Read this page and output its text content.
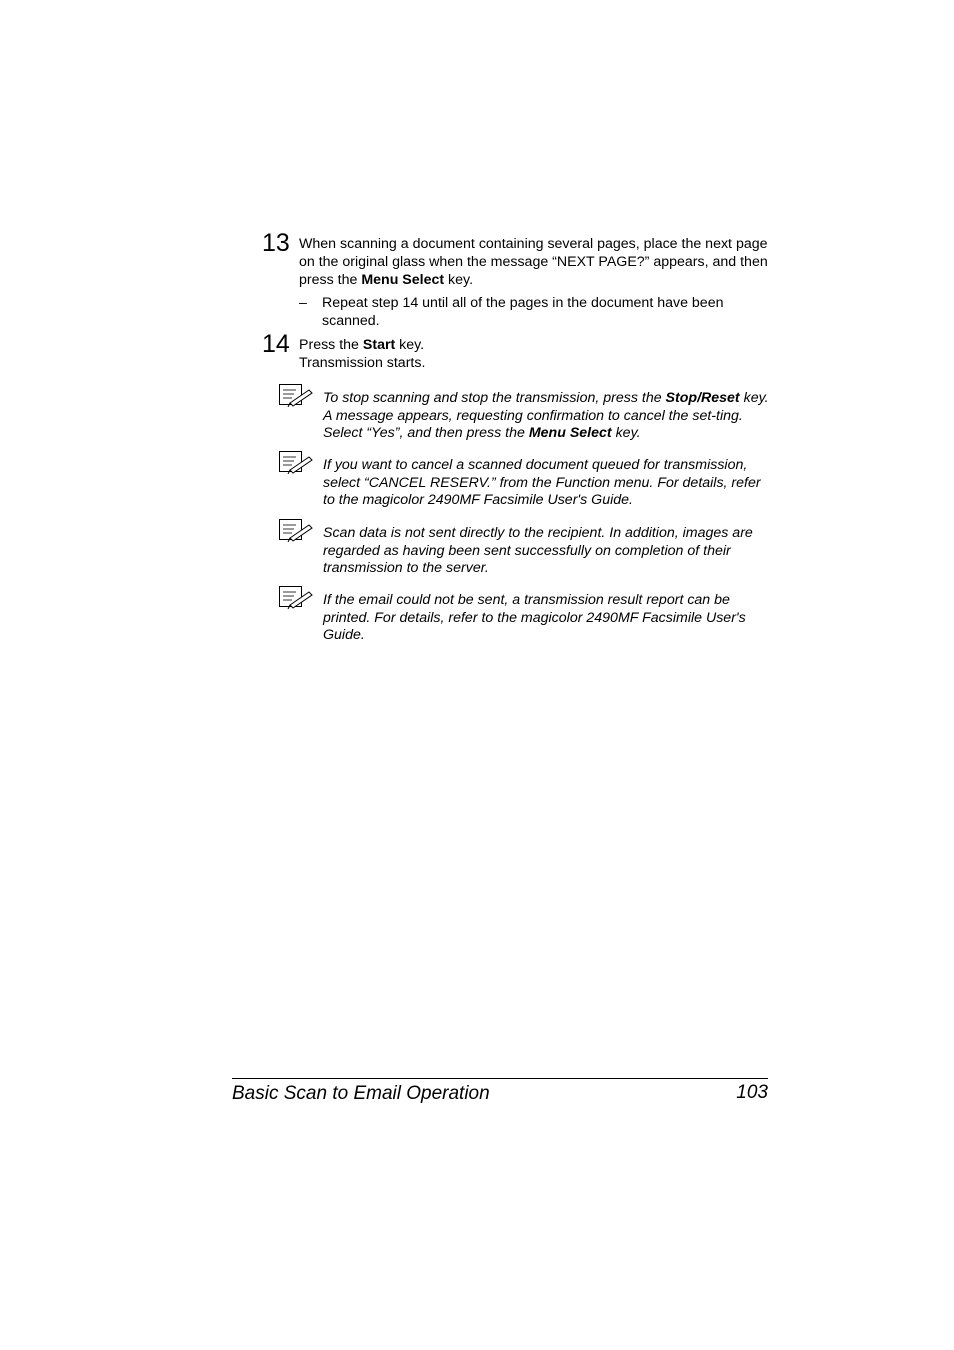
13 When scanning a document containing several pages, place the next page on the original glass when the message “NEXT PAGE?” appears, and then press the Menu Select key.
– Repeat step 14 until all of the pages in the document have been scanned.
14 Press the Start key.
Transmission starts.
To stop scanning and stop the transmission, press the Stop/Reset key. A message appears, requesting confirmation to cancel the set-ting. Select “Yes”, and then press the Menu Select key.
If you want to cancel a scanned document queued for transmission, select “CANCEL RESERV.” from the Function menu. For details, refer to the magicolor 2490MF Facsimile User's Guide.
Scan data is not sent directly to the recipient. In addition, images are regarded as having been sent successfully on completion of their transmission to the server.
If the email could not be sent, a transmission result report can be printed. For details, refer to the magicolor 2490MF Facsimile User's Guide.
Basic Scan to Email Operation	103
